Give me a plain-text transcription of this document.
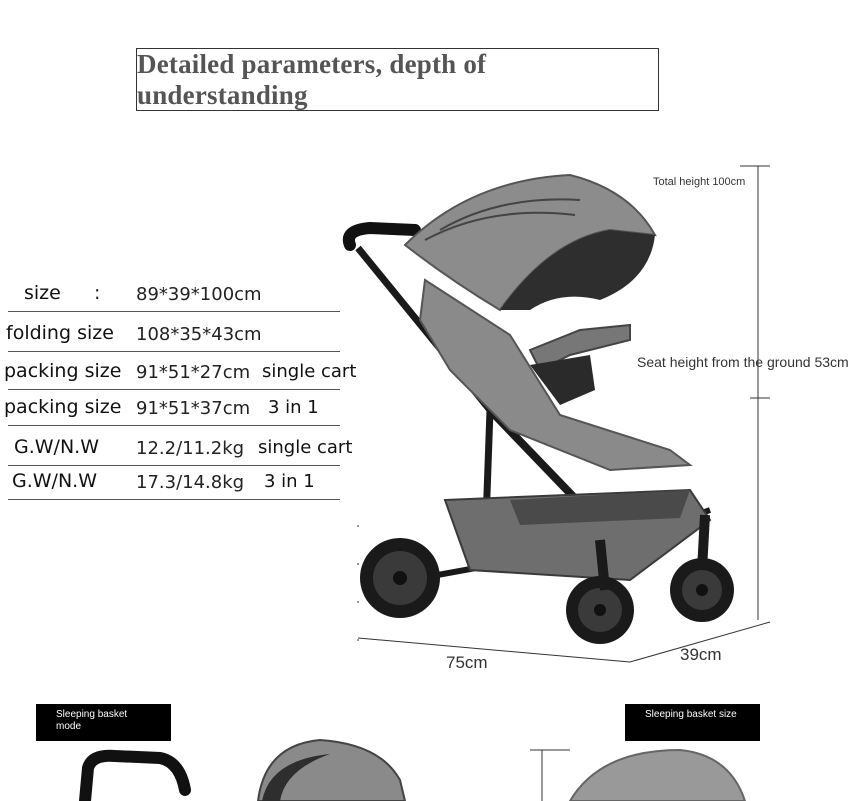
Detailed parameters, depth of understanding
size : 89*39*100cm
folding size 108*35*43cm
packing size 91*51*27cm single cart
packing size 91*51*37cm 3 in 1
G.W/N.W 12.2/11.2kg single cart
G.W/N.W 17.3/14.8kg 3 in 1
Total height 100cm
Seat height from the ground 53cm
75cm	39cm
Sleeping basket mode
Sleeping basket size
